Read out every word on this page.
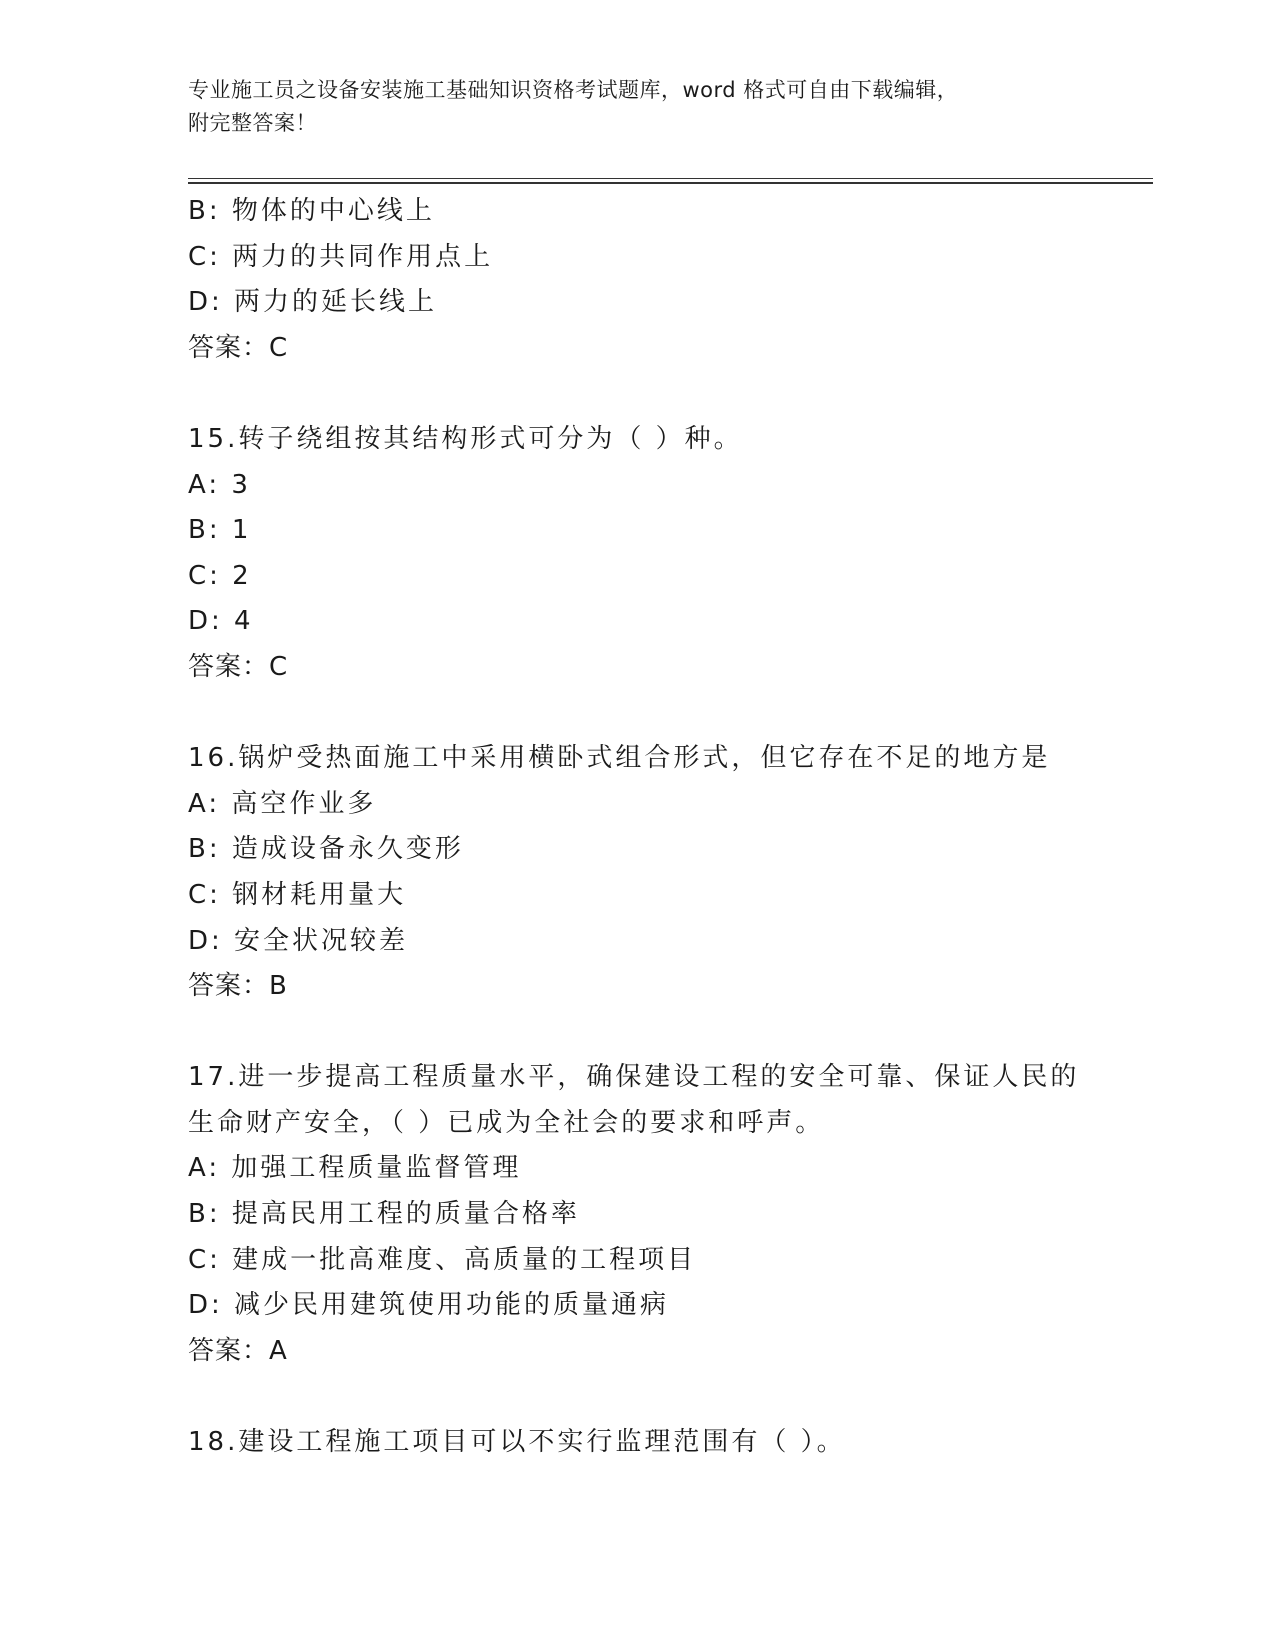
专业施工员之设备安装施工基础知识资格考试题库，word 格式可自由下载编辑，
附完整答案！
B: 物体的中心线上
C: 两力的共同作用点上
D: 两力的延长线上
答案：C
15.转子绕组按其结构形式可分为（ ）种。
A: 3
B: 1
C: 2
D: 4
答案：C
16.锅炉受热面施工中采用横卧式组合形式，但它存在不足的地方是
A: 高空作业多
B: 造成设备永久变形
C: 钢材耗用量大
D: 安全状况较差
答案：B
17.进一步提高工程质量水平，确保建设工程的安全可靠、保证人民的
生命财产安全，（ ）已成为全社会的要求和呼声。
A: 加强工程质量监督管理
B: 提高民用工程的质量合格率
C: 建成一批高难度、高质量的工程项目
D: 减少民用建筑使用功能的质量通病
答案：A
18.建设工程施工项目可以不实行监理范围有（ ）。
